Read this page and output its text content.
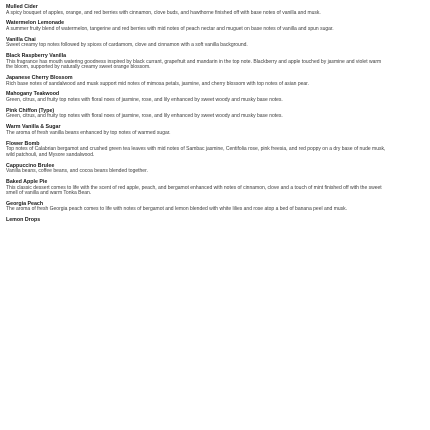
Mulled Cider
A spicy bouquet of apples, orange, and red berries with cinnamon, clove buds, and hawthorne finished off with base notes of vanilla and musk.
Watermelon Lemonade
A summer fruity blend of watermelon, tangerine and red berries with mid notes of peach nectar and muguet on base notes of vanilla and spun sugar.
Vanilla Chai
Sweet creamy top notes followed by spices of cardamom, clove and cinnamon with a soft vanilla background.
Black Raspberry Vanilla
This fragrance has mouth watering goodness inspired by black currant, grapefruit and mandarin in the top note. Blackberry and apple touched by jasmine and violet warm the bloom, supported by naturally creamy sweet orange blossom.
Japanese Cherry Blossom
Rich base notes of sandalwood and musk support mid notes of mimosa petals, jasmine, and cherry blossom with top notes of asian pear.
Mahogany Teakwood
Green, citrus, and fruity top notes with floral noes of jasmine, rose, and lily enhanced by sweet woody and musky base notes.
Pink Chiffon (Type)
Green, citrus, and fruity top notes with floral noes of jasmine, rose, and lily enhanced by sweet woody and musky base notes.
Warm Vanilla & Sugar
The aroma of fresh vanilla beans enhanced by top notes of warmed sugar.
Flower Bomb
Top notes of Calabrian bergamot and crushed green tea leaves with mid notes of Sambac jasmine, Centifolia rose, pink freesia, and red poppy on a dry base of nude musk, wild patchouli, and Mysore sandalwood.
Cappuccino Brulee
Vanilla beans, coffee beans, and cocoa beans blended together.
Baked Apple Pie
This classic dessert comes to life with the scent of red apple, peach, and bergamot enhanced with notes of cinnamon, clove and a touch of mint finished off with the sweet smell of vanilla and warm Tonka Bean.
Georgia Peach
The aroma of fresh Georgia peach comes to life with notes of bergamot and lemon blended with white lilies and rose atop a bed of banana peel and musk.
Lemon Drops
